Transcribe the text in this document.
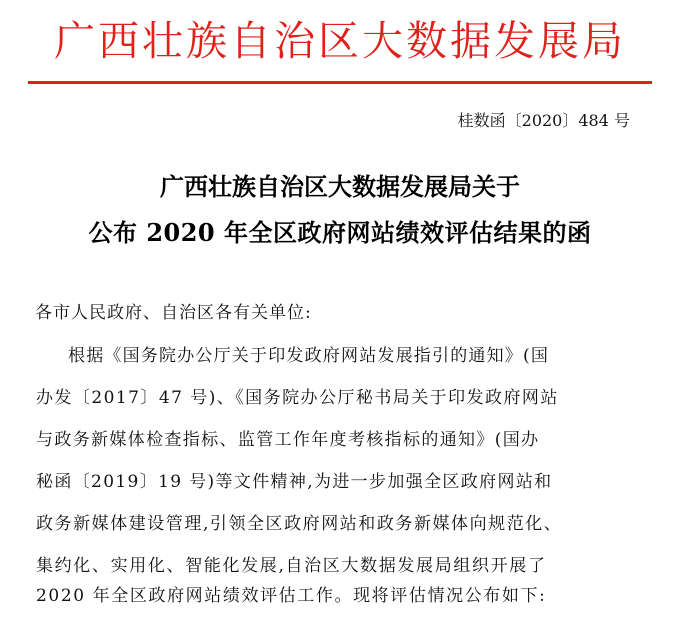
广西壮族自治区大数据发展局
桂数函〔2020〕484 号
广西壮族自治区大数据发展局关于
公布 2020 年全区政府网站绩效评估结果的函
各市人民政府、自治区各有关单位:
根据《国务院办公厅关于印发政府网站发展指引的通知》(国
办发〔2017〕47 号)、《国务院办公厅秘书局关于印发政府网站
与政务新媒体检查指标、监管工作年度考核指标的通知》(国办
秘函〔2019〕19 号)等文件精神,为进一步加强全区政府网站和
政务新媒体建设管理,引领全区政府网站和政务新媒体向规范化、
集约化、实用化、智能化发展,自治区大数据发展局组织开展了
2020 年全区政府网站绩效评估工作。现将评估情况公布如下:
